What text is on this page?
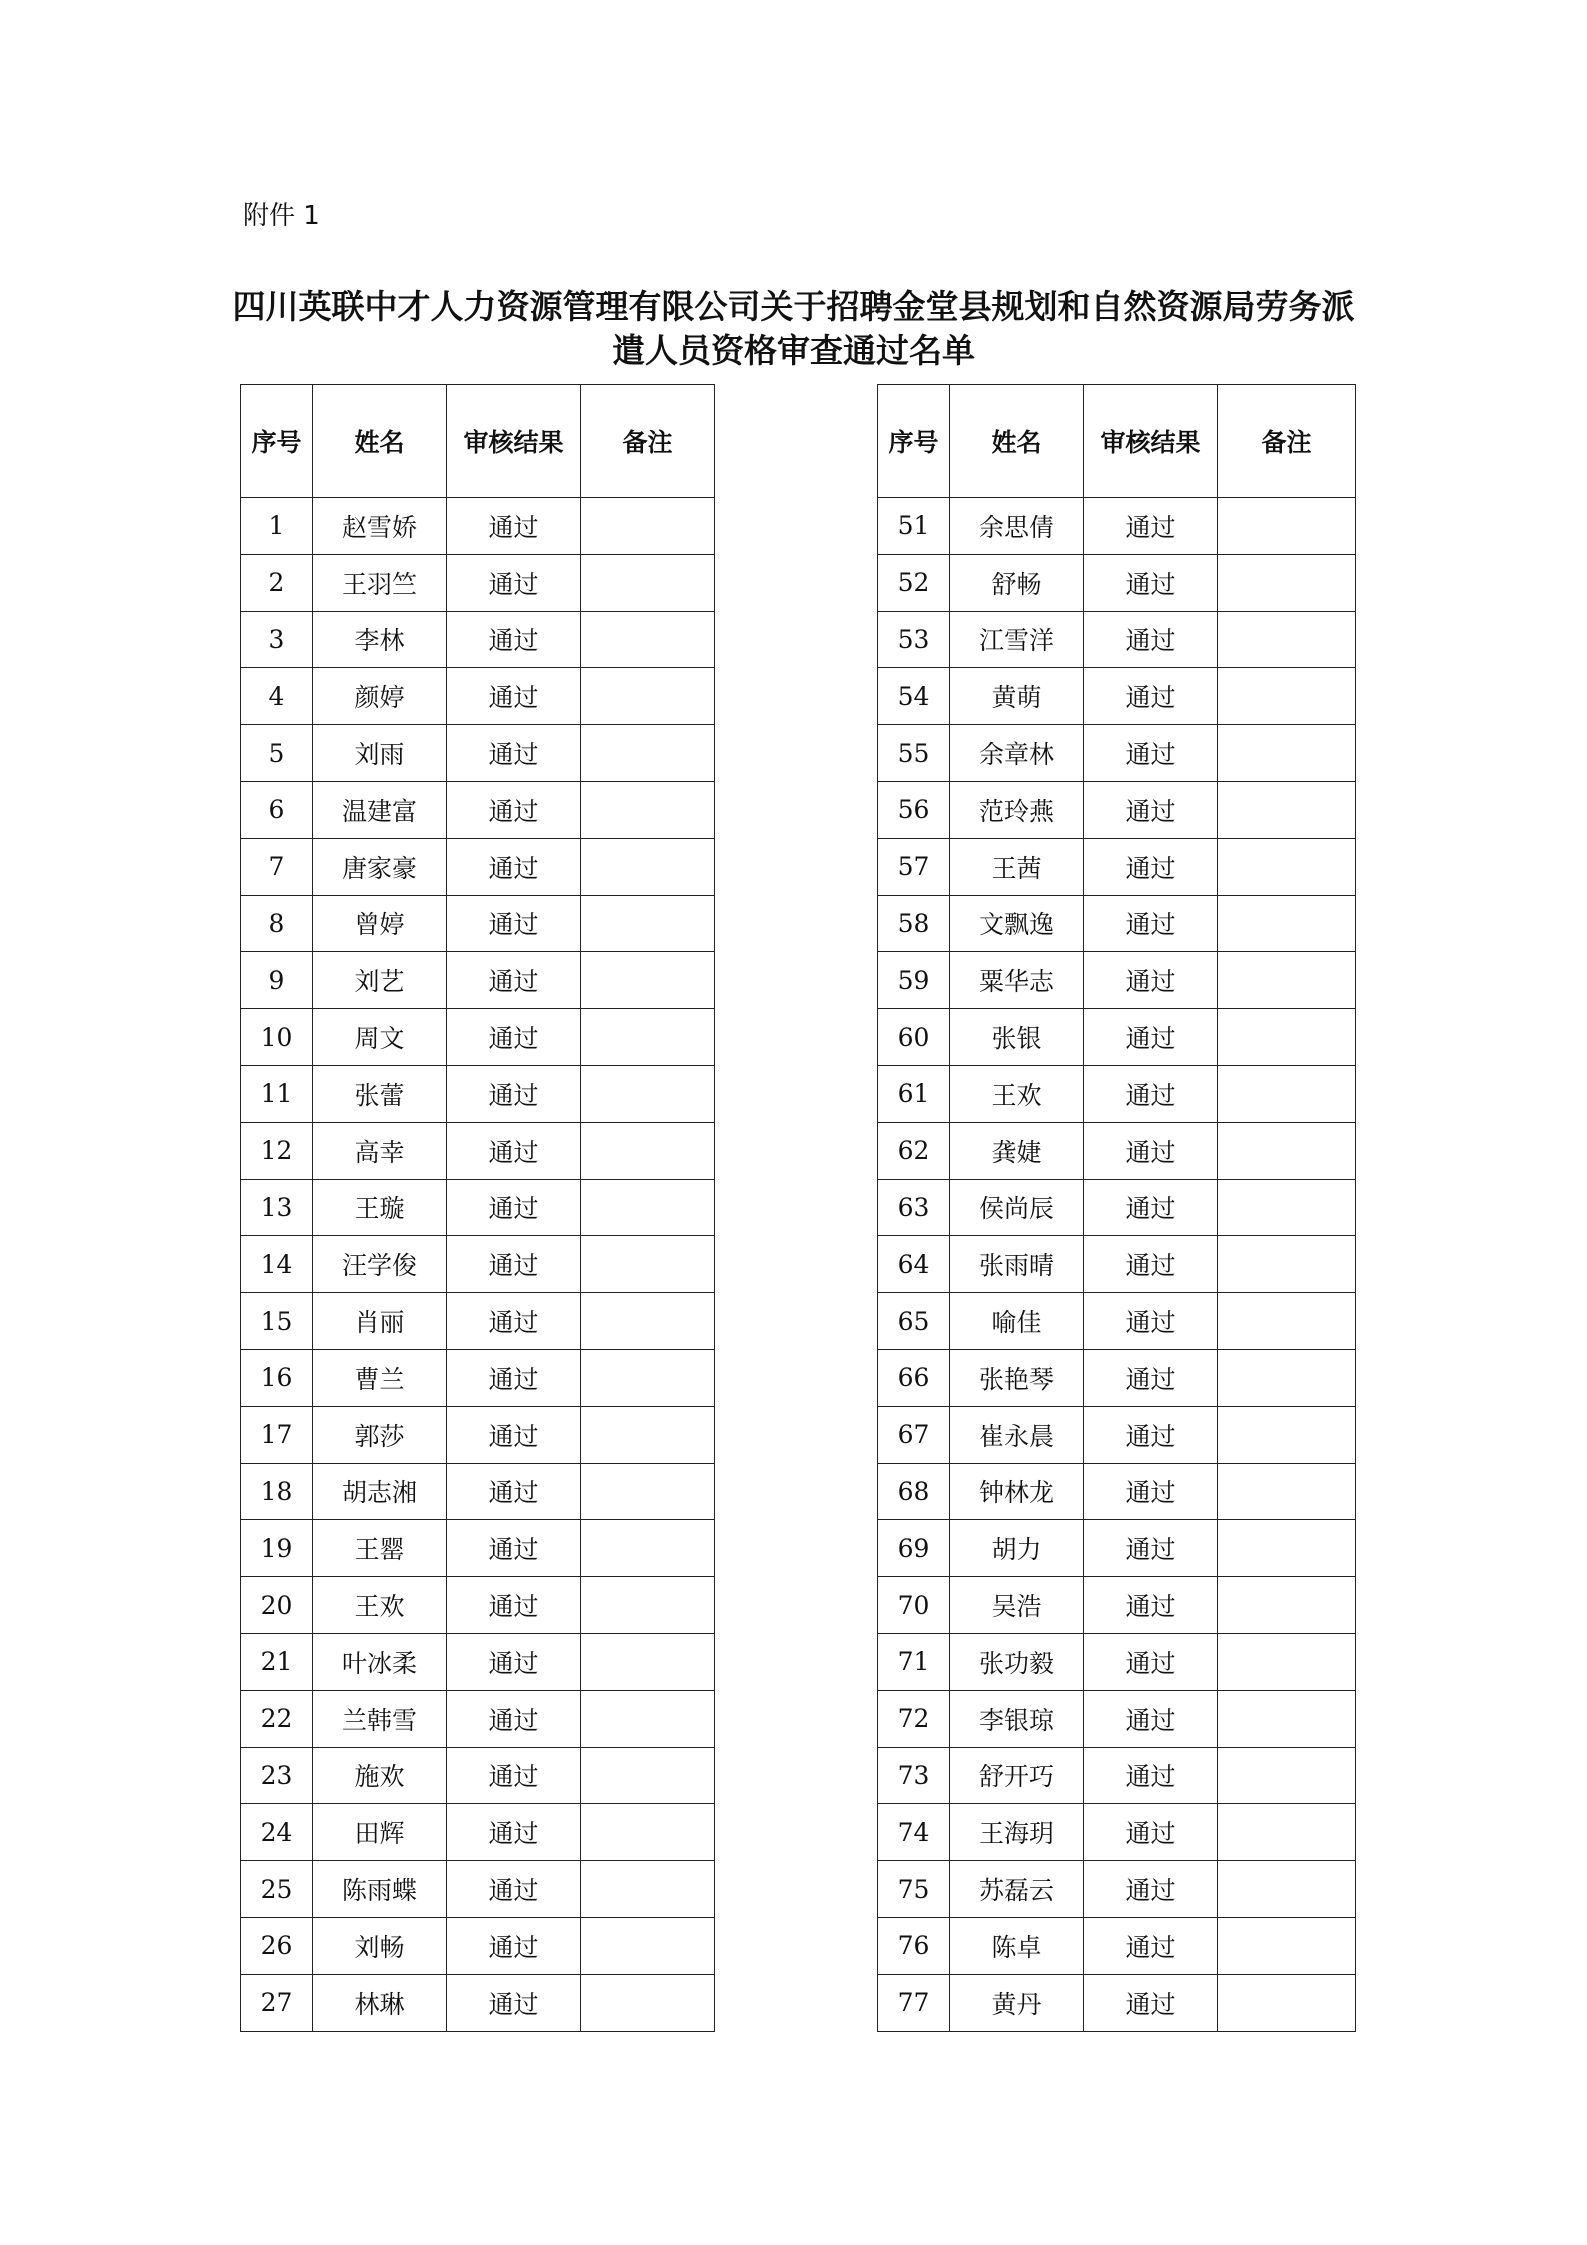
附件 1
四川英联中才人力资源管理有限公司关于招聘金堂县规划和自然资源局劳务派
遣人员资格审查通过名单
序号	姓名	审核结果	备注
1	赵雪娇	通过	
2	王羽竺	通过	
3	李林	通过	
4	颜婷	通过	
5	刘雨	通过	
6	温建富	通过	
7	唐家豪	通过	
8	曾婷	通过	
9	刘艺	通过	
10	周文	通过	
11	张蕾	通过	
12	高幸	通过	
13	王璇	通过	
14	汪学俊	通过	
15	肖丽	通过	
16	曹兰	通过	
17	郭莎	通过	
18	胡志湘	通过	
19	王罂	通过	
20	王欢	通过	
21	叶冰柔	通过	
22	兰韩雪	通过	
23	施欢	通过	
24	田辉	通过	
25	陈雨蝶	通过	
26	刘畅	通过	
27	林琳	通过	
序号	姓名	审核结果	备注
51	余思倩	通过	
52	舒畅	通过	
53	江雪洋	通过	
54	黄萌	通过	
55	余章林	通过	
56	范玲燕	通过	
57	王茜	通过	
58	文飘逸	通过	
59	粟华志	通过	
60	张银	通过	
61	王欢	通过	
62	龚婕	通过	
63	侯尚辰	通过	
64	张雨晴	通过	
65	喻佳	通过	
66	张艳琴	通过	
67	崔永晨	通过	
68	钟林龙	通过	
69	胡力	通过	
70	吴浩	通过	
71	张功毅	通过	
72	李银琼	通过	
73	舒开巧	通过	
74	王海玥	通过	
75	苏磊云	通过	
76	陈卓	通过	
77	黄丹	通过	
